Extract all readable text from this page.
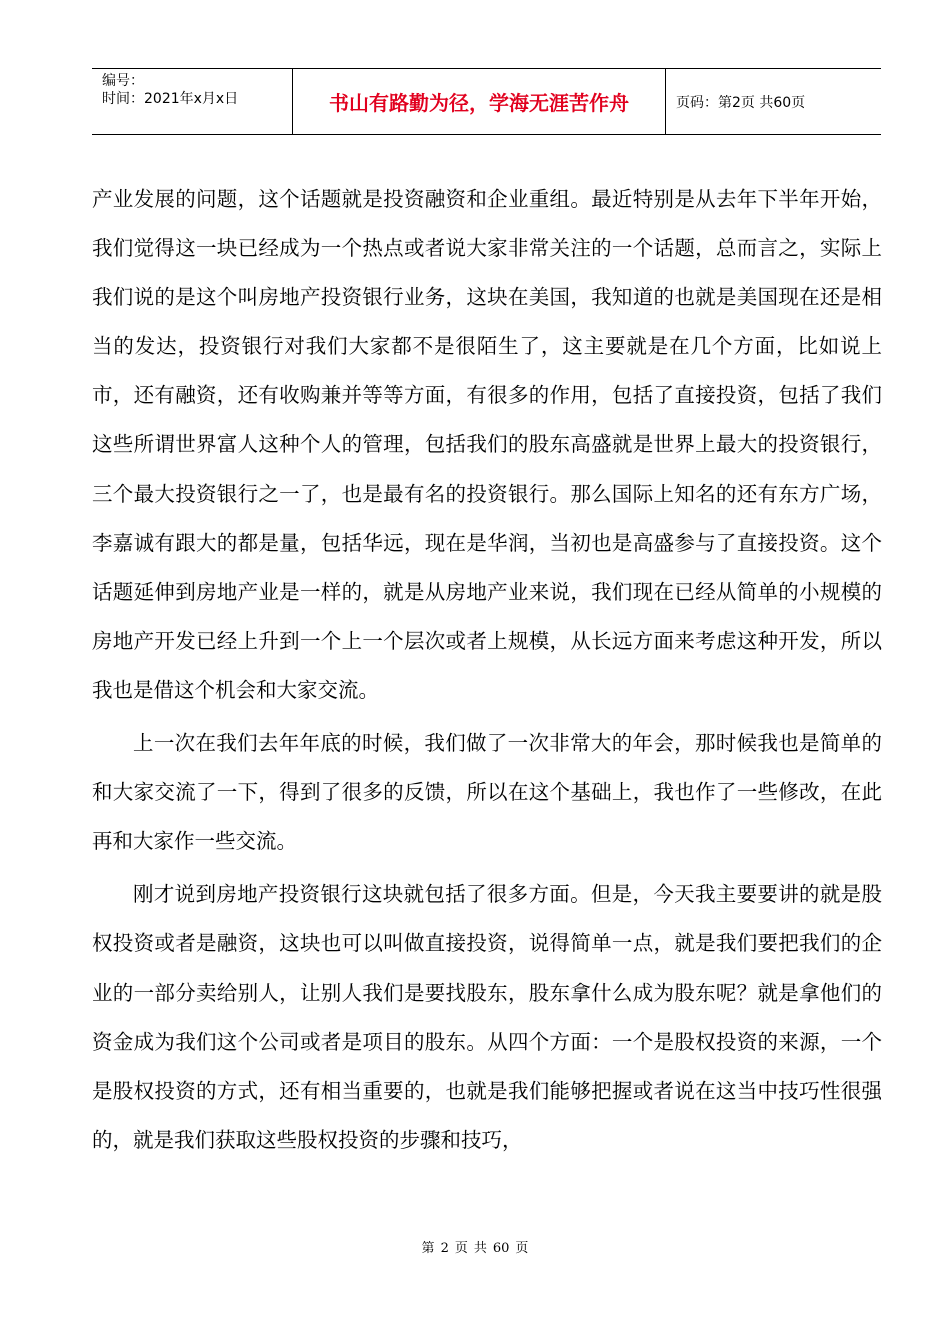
编号：
时间：2021年x月x日	书山有路勤为径，学海无涯苦作舟	页码：第2页 共60页

产业发展的问题，这个话题就是投资融资和企业重组。最近特别是从去年下半年开始，我们觉得这一块已经成为一个热点或者说大家非常关注的一个话题，总而言之，实际上我们说的是这个叫房地产投资银行业务，这块在美国，我知道的也就是美国现在还是相当的发达，投资银行对我们大家都不是很陌生了，这主要就是在几个方面，比如说上市，还有融资，还有收购兼并等等方面，有很多的作用，包括了直接投资，包括了我们这些所谓世界富人这种个人的管理，包括我们的股东高盛就是世界上最大的投资银行，三个最大投资银行之一了，也是最有名的投资银行。那么国际上知名的还有东方广场，李嘉诚有跟大的都是量，包括华远，现在是华润，当初也是高盛参与了直接投资。这个话题延伸到房地产业是一样的，就是从房地产业来说，我们现在已经从简单的小规模的房地产开发已经上升到一个上一个层次或者上规模，从长远方面来考虑这种开发，所以我也是借这个机会和大家交流。

上一次在我们去年年底的时候，我们做了一次非常大的年会，那时候我也是简单的和大家交流了一下，得到了很多的反馈，所以在这个基础上，我也作了一些修改，在此再和大家作一些交流。

刚才说到房地产投资银行这块就包括了很多方面。但是，今天我主要要讲的就是股权投资或者是融资，这块也可以叫做直接投资，说得简单一点，就是我们要把我们的企业的一部分卖给别人，让别人我们是要找股东，股东拿什么成为股东呢？就是拿他们的资金成为我们这个公司或者是项目的股东。从四个方面：一个是股权投资的来源，一个是股权投资的方式，还有相当重要的，也就是我们能够把握或者说在这当中技巧性很强的，就是我们获取这些股权投资的步骤和技巧，

第 2 页 共 60 页
